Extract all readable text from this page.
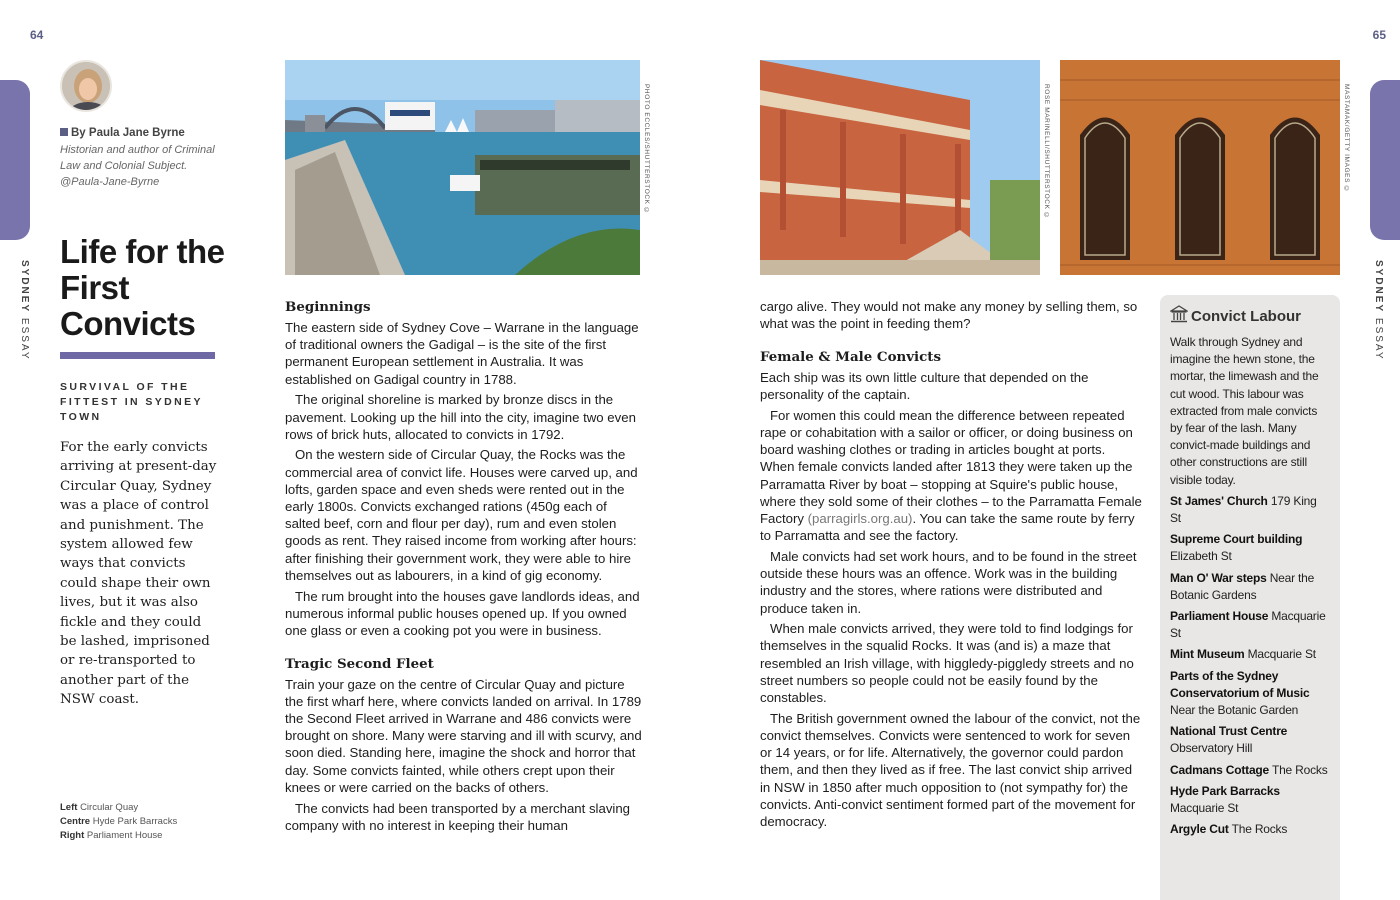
64	65
SYDNEY ESSAY
SYDNEY ESSAY
By Paula Jane Byrne
Historian and author of Criminal Law and Colonial Subject. @Paula-Jane-Byrne
Life for the First Convicts
SURVIVAL OF THE FITTEST IN SYDNEY TOWN
For the early convicts arriving at present-day Circular Quay, Sydney was a place of control and punishment. The system allowed few ways that convicts could shape their own lives, but it was also fickle and they could be lashed, imprisoned or re-transported to another part of the NSW coast.
Left Circular Quay
Centre Hyde Park Barracks
Right Parliament House
PHOTO ECCLES/SHUTTERSTOCK ©	ROSE MARINELLI/SHUTTERSTOCK ©	MASTAMAK/GETTY IMAGES ©
Beginnings

The eastern side of Sydney Cove – Warrane in the language of traditional owners the Gadigal – is the site of the first permanent European settlement in Australia. It was established on Gadigal country in 1788.

The original shoreline is marked by bronze discs in the pavement. Looking up the hill into the city, imagine two even rows of brick huts, allocated to convicts in 1792.

On the western side of Circular Quay, the Rocks was the commercial area of convict life. Houses were carved up, and lofts, garden space and even sheds were rented out in the early 1800s. Convicts exchanged rations (450g each of salted beef, corn and flour per day), rum and even stolen goods as rent. They raised income from working after hours: after finishing their government work, they were able to hire themselves out as labourers, in a kind of gig economy.

The rum brought into the houses gave landlords ideas, and numerous informal public houses opened up. If you owned one glass or even a cooking pot you were in business.

Tragic Second Fleet

Train your gaze on the centre of Circular Quay and picture the first wharf here, where convicts landed on arrival. In 1789 the Second Fleet arrived in Warrane and 486 convicts were brought on shore. Many were starving and ill with scurvy, and soon died. Standing here, imagine the shock and horror that day. Some convicts fainted, while others crept upon their knees or were carried on the backs of others.

The convicts had been transported by a merchant slaving company with no interest in keeping their human

cargo alive. They would not make any money by selling them, so what was the point in feeding them?

Female & Male Convicts

Each ship was its own little culture that depended on the personality of the captain.

For women this could mean the difference between repeated rape or cohabitation with a sailor or officer, or doing business on board washing clothes or trading in articles bought at ports. When female convicts landed after 1813 they were taken up the Parramatta River by boat – stopping at Squire's public house, where they sold some of their clothes – to the Parramatta Female Factory (parragirls.org.au). You can take the same route by ferry to Parramatta and see the factory.

Male convicts had set work hours, and to be found in the street outside these hours was an offence. Work was in the building industry and the stores, where rations were distributed and produce taken in.

When male convicts arrived, they were told to find lodgings for themselves in the squalid Rocks. It was (and is) a maze that resembled an Irish village, with higgledy-piggledy streets and no street numbers so people could not be easily found by the constables.

The British government owned the labour of the convict, not the convict themselves. Convicts were sentenced to work for seven or 14 years, or for life. Alternatively, the governor could pardon them, and then they lived as if free. The last convict ship arrived in NSW in 1850 after much opposition to (not sympathy for) the convicts. Anti-convict sentiment formed part of the movement for democracy.

Convict Labour
Walk through Sydney and imagine the hewn stone, the mortar, the limewash and the cut wood. This labour was extracted from male convicts by fear of the lash. Many convict-made buildings and other constructions are still visible today.
St James' Church 179 King St
Supreme Court building Elizabeth St
Man O' War steps Near the Botanic Gardens
Parliament House Macquarie St
Mint Museum Macquarie St
Parts of the Sydney Conservatorium of Music Near the Botanic Garden
National Trust Centre Observatory Hill
Cadmans Cottage The Rocks
Hyde Park Barracks Macquarie St
Argyle Cut The Rocks
